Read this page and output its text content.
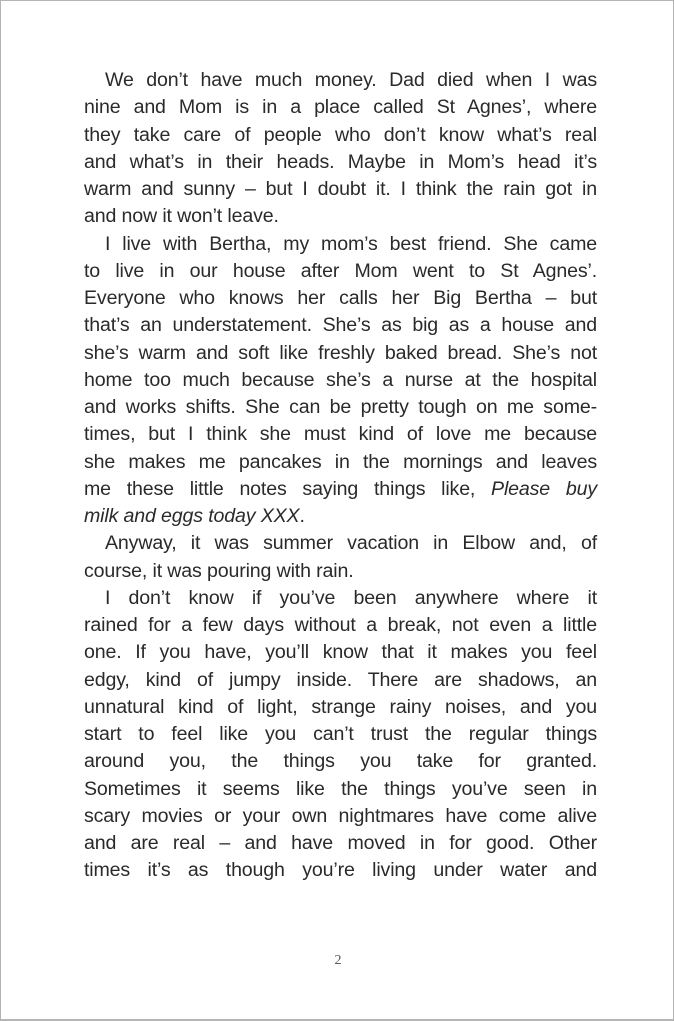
We don’t have much money. Dad died when I was
nine and Mom is in a place called St Agnes’, where
they take care of people who don’t know what’s real
and what’s in their heads. Maybe in Mom’s head it’s
warm and sunny – but I doubt it. I think the rain got in
and now it won’t leave.
I live with Bertha, my mom’s best friend. She came
to live in our house after Mom went to St Agnes’.
Everyone who knows her calls her Big Bertha – but
that’s an understatement. She’s as big as a house and
she’s warm and soft like freshly baked bread. She’s not
home too much because she’s a nurse at the hospital
and works shifts. She can be pretty tough on me some-
times, but I think she must kind of love me because
she makes me pancakes in the mornings and leaves
me these little notes saying things like, Please buy
milk and eggs today XXX.
Anyway, it was summer vacation in Elbow and, of
course, it was pouring with rain.
I don’t know if you’ve been anywhere where it
rained for a few days without a break, not even a little
one. If you have, you’ll know that it makes you feel
edgy, kind of jumpy inside. There are shadows, an
unnatural kind of light, strange rainy noises, and you
start to feel like you can’t trust the regular things
around you, the things you take for granted.
Sometimes it seems like the things you’ve seen in
scary movies or your own nightmares have come alive
and are real – and have moved in for good. Other
times it’s as though you’re living under water and
2
